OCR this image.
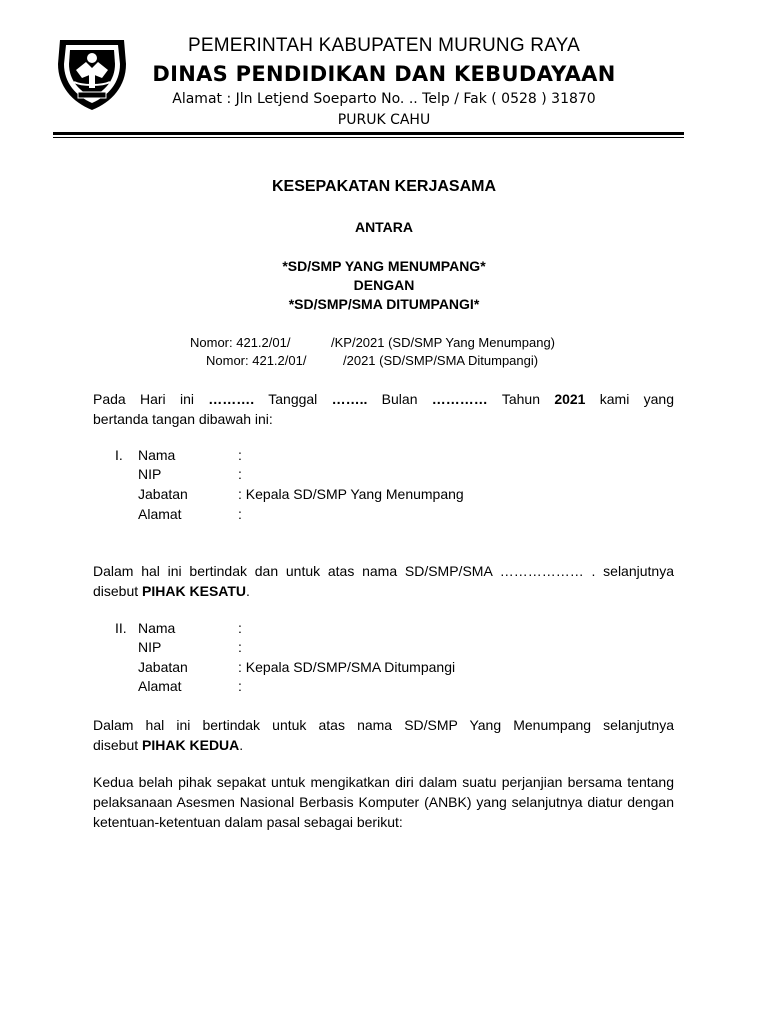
PEMERINTAH KABUPATEN MURUNG RAYA
DINAS PENDIDIKAN DAN KEBUDAYAAN
Alamat : Jln Letjend Soeparto No. .. Telp / Fak ( 0528 ) 31870
PURUK CAHU
KESEPAKATAN KERJASAMA
ANTARA
*SD/SMP YANG MENUMPANG*
DENGAN
*SD/SMP/SMA DITUMPANGI*
Nomor: 421.2/01/	/KP/2021 (SD/SMP Yang Menumpang)
Nomor: 421.2/01/	/2021 (SD/SMP/SMA Ditumpangi)
Pada Hari ini ………. Tanggal …….. Bulan ………… Tahun 2021 kami yang
bertanda tangan dibawah ini:
I. Nama	:
NIP	:
Jabatan	: Kepala SD/SMP Yang Menumpang
Alamat	:
Dalam hal ini bertindak dan untuk atas nama SD/SMP/SMA ……………… . selanjutnya
disebut PIHAK KESATU.
II. Nama	:
NIP	:
Jabatan	: Kepala SD/SMP/SMA Ditumpangi
Alamat	:
Dalam hal ini bertindak untuk atas nama SD/SMP Yang Menumpang selanjutnya
disebut PIHAK KEDUA.
Kedua belah pihak sepakat untuk mengikatkan diri dalam suatu perjanjian bersama tentang pelaksanaan Asesmen Nasional Berbasis Komputer (ANBK) yang selanjutnya diatur dengan ketentuan-ketentuan dalam pasal sebagai berikut:
